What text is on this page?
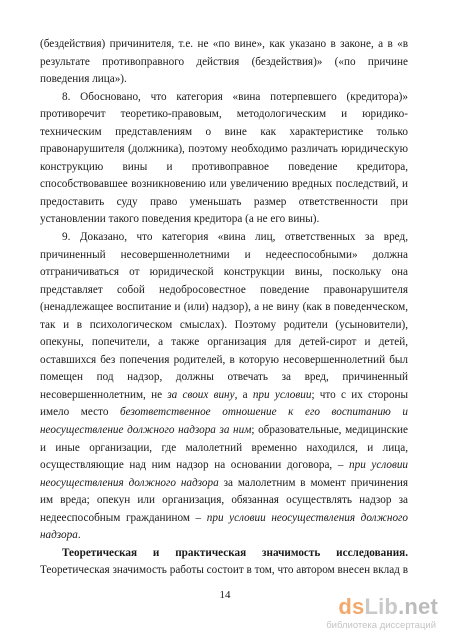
(бездействия) причинителя, т.е. не «по вине», как указано в законе, а в «в результате противоправного действия (бездействия)» («по причине поведения лица»).

8. Обосновано, что категория «вина потерпевшего (кредитора)» противоречит теоретико-правовым, методологическим и юридико-техническим представлениям о вине как характеристике только правонарушителя (должника), поэтому необходимо различать юридическую конструкцию вины и противоправное поведение кредитора, способствовавшее возникновению или увеличению вредных последствий, и предоставить суду право уменьшать размер ответственности при установлении такого поведения кредитора (а не его вины).

9. Доказано, что категория «вина лиц, ответственных за вред, причиненный несовершеннолетними и недееспособными» должна отграничиваться от юридической конструкции вины, поскольку она представляет собой недобросовестное поведение правонарушителя (ненадлежащее воспитание и (или) надзор), а не вину (как в поведенческом, так и в психологическом смыслах). Поэтому родители (усыновители), опекуны, попечители, а также организация для детей-сирот и детей, оставшихся без попечения родителей, в которую несовершеннолетний был помещен под надзор, должны отвечать за вред, причиненный несовершеннолетним, не за своих вину, а при условии; что с их стороны имело место безответственное отношение к его воспитанию и неосуществление должного надзора за ним; образовательные, медицинские и иные организации, где малолетний временно находился, и лица, осуществляющие над ним надзор на основании договора, – при условии неосуществления должного надзора за малолетним в момент причинения им вреда; опекун или организация, обязанная осуществлять надзор за недееспособным гражданином – при условии неосуществления должного надзора.

Теоретическая и практическая значимость исследования.

Теоретическая значимость работы состоит в том, что автором внесен вклад в

14	dsLib.net
библиотека диссертаций
